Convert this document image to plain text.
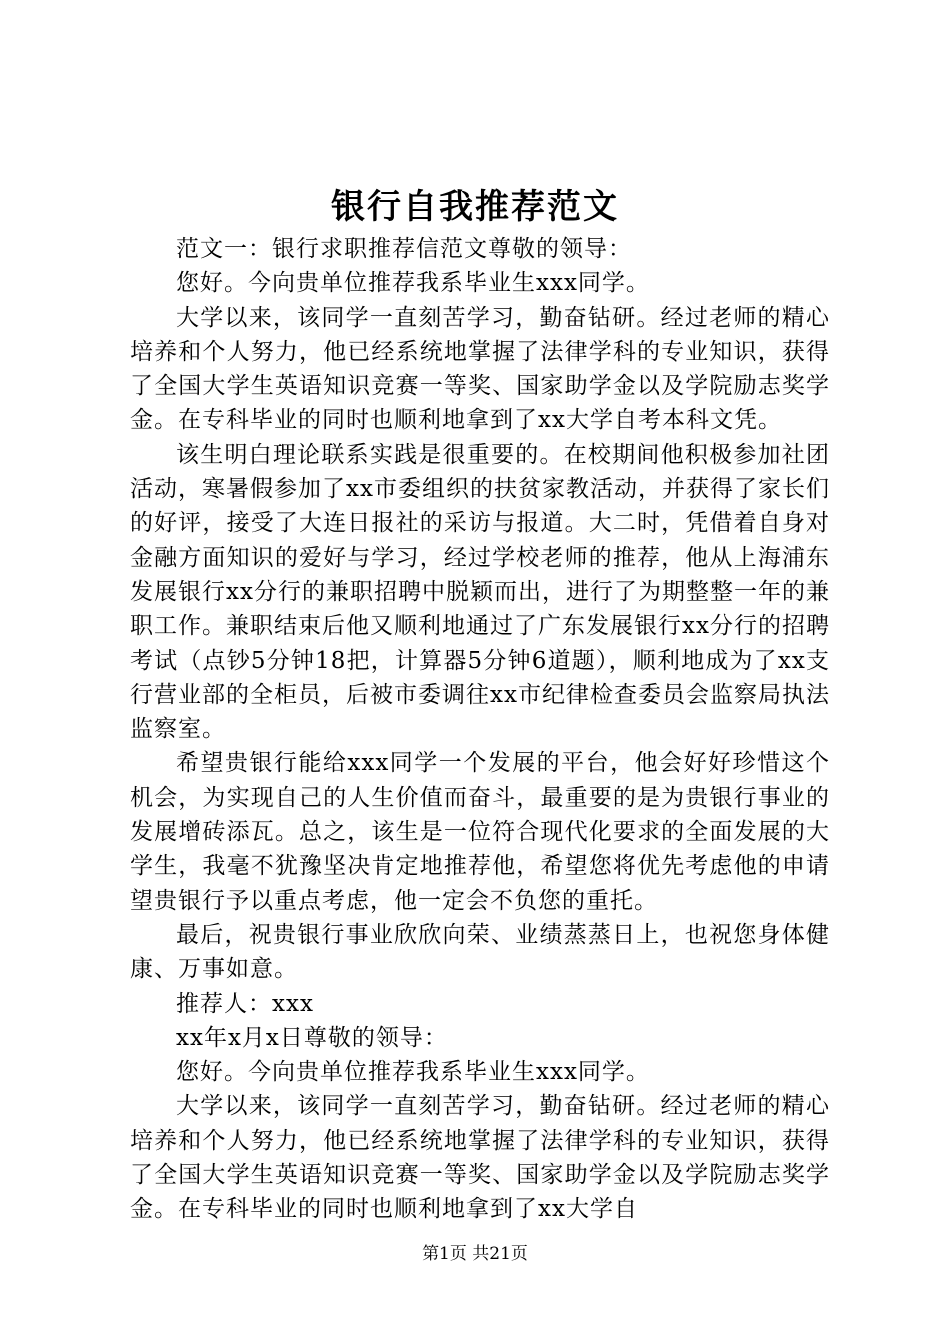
银行自我推荐范文

范文一：银行求职推荐信范文尊敬的领导：

您好。今向贵单位推荐我系毕业生xxx同学。

大学以来，该同学一直刻苦学习，勤奋钻研。经过老师的精心培养和个人努力，他已经系统地掌握了法律学科的专业知识，获得了全国大学生英语知识竞赛一等奖、国家助学金以及学院励志奖学金。在专科毕业的同时也顺利地拿到了xx大学自考本科文凭。

该生明白理论联系实践是很重要的。在校期间他积极参加社团活动，寒暑假参加了xx市委组织的扶贫家教活动，并获得了家长们的好评，接受了大连日报社的采访与报道。大二时，凭借着自身对金融方面知识的爱好与学习，经过学校老师的推荐，他从上海浦东发展银行xx分行的兼职招聘中脱颖而出，进行了为期整整一年的兼职工作。兼职结束后他又顺利地通过了广东发展银行xx分行的招聘考试（点钞5分钟18把，计算器5分钟6道题），顺利地成为了xx支行营业部的全柜员，后被市委调往xx市纪律检查委员会监察局执法监察室。

希望贵银行能给xxx同学一个发展的平台，他会好好珍惜这个机会，为实现自己的人生价值而奋斗，最重要的是为贵银行事业的发展增砖添瓦。总之，该生是一位符合现代化要求的全面发展的大学生，我毫不犹豫坚决肯定地推荐他，希望您将优先考虑他的申请望贵银行予以重点考虑，他一定会不负您的重托。

最后，祝贵银行事业欣欣向荣、业绩蒸蒸日上，也祝您身体健康、万事如意。

推荐人：xxx

xx年x月x日尊敬的领导：

您好。今向贵单位推荐我系毕业生xxx同学。

大学以来，该同学一直刻苦学习，勤奋钻研。经过老师的精心培养和个人努力，他已经系统地掌握了法律学科的专业知识，获得了全国大学生英语知识竞赛一等奖、国家助学金以及学院励志奖学金。在专科毕业的同时也顺利地拿到了xx大学自

第1页 共21页
